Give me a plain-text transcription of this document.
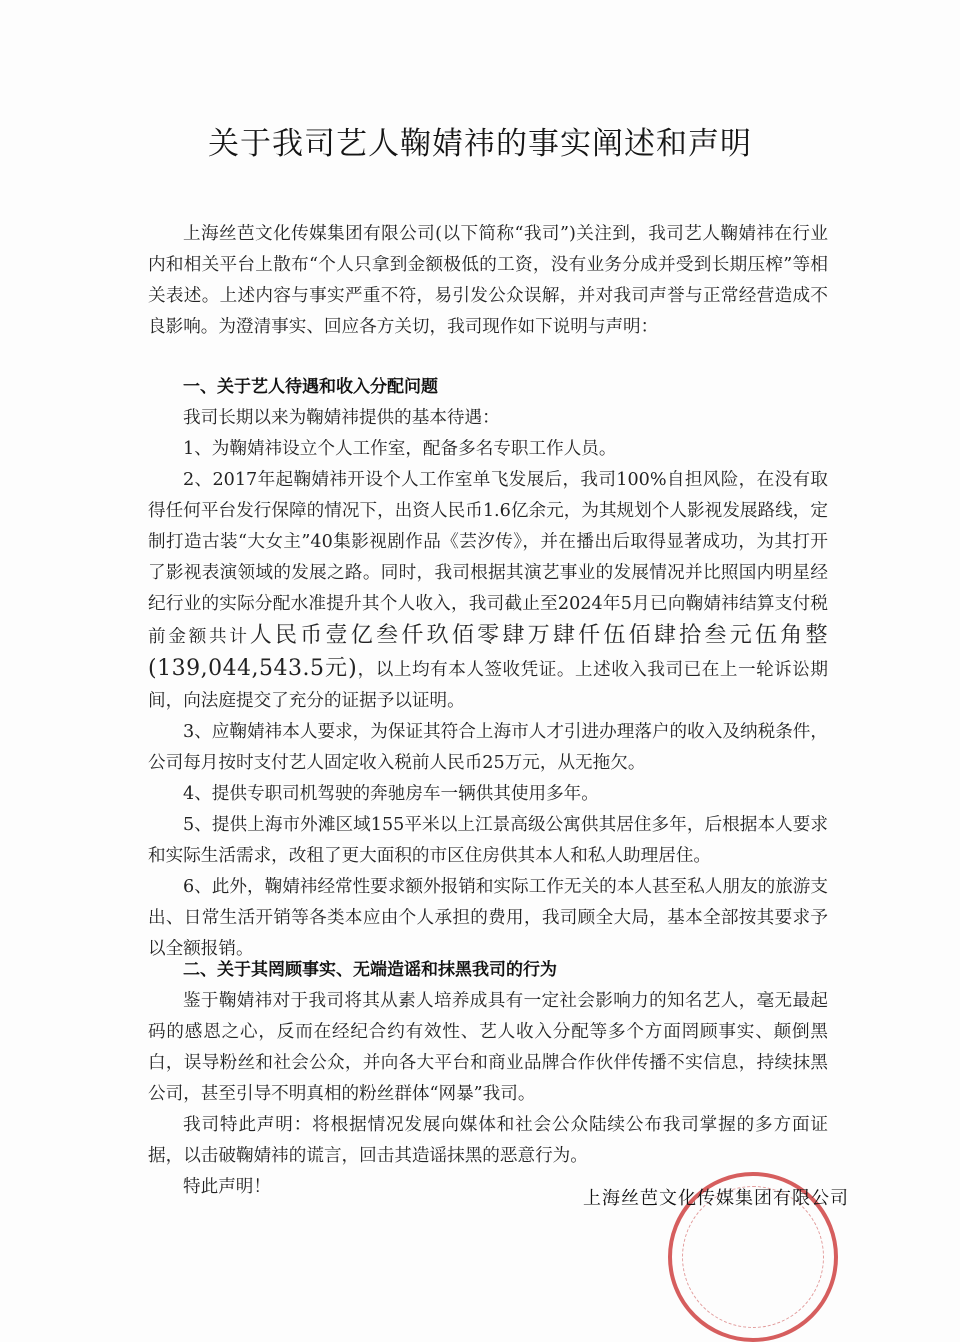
关于我司艺人鞠婧祎的事实阐述和声明

上海丝芭文化传媒集团有限公司(以下简称“我司”)关注到，我司艺人鞠婧祎在行业内和相关平台上散布“个人只拿到金额极低的工资，没有业务分成并受到长期压榨”等相关表述。上述内容与事实严重不符，易引发公众误解，并对我司声誉与正常经营造成不良影响。为澄清事实、回应各方关切，我司现作如下说明与声明：

一、关于艺人待遇和收入分配问题

我司长期以来为鞠婧祎提供的基本待遇：

1、为鞠婧祎设立个人工作室，配备多名专职工作人员。

2、2017年起鞠婧祎开设个人工作室单飞发展后，我司100%自担风险，在没有取得任何平台发行保障的情况下，出资人民币1.6亿余元，为其规划个人影视发展路线，定制打造古装“大女主”40集影视剧作品《芸汐传》，并在播出后取得显著成功，为其打开了影视表演领域的发展之路。同时，我司根据其演艺事业的发展情况并比照国内明星经纪行业的实际分配水准提升其个人收入，我司截止至2024年5月已向鞠婧祎结算支付税前金额共计人民币壹亿叁仟玖佰零肆万肆仟伍佰肆拾叁元伍角整(139,044,543.5元)，以上均有本人签收凭证。上述收入我司已在上一轮诉讼期间，向法庭提交了充分的证据予以证明。

3、应鞠婧祎本人要求，为保证其符合上海市人才引进办理落户的收入及纳税条件，公司每月按时支付艺人固定收入税前人民币25万元，从无拖欠。

4、提供专职司机驾驶的奔驰房车一辆供其使用多年。

5、提供上海市外滩区域155平米以上江景高级公寓供其居住多年，后根据本人要求和实际生活需求，改租了更大面积的市区住房供其本人和私人助理居住。

6、此外，鞠婧祎经常性要求额外报销和实际工作无关的本人甚至私人朋友的旅游支出、日常生活开销等各类本应由个人承担的费用，我司顾全大局，基本全部按其要求予以全额报销。

二、关于其罔顾事实、无端造谣和抹黑我司的行为

鉴于鞠婧祎对于我司将其从素人培养成具有一定社会影响力的知名艺人，毫无最起码的感恩之心，反而在经纪合约有效性、艺人收入分配等多个方面罔顾事实、颠倒黑白，误导粉丝和社会公众，并向各大平台和商业品牌合作伙伴传播不实信息，持续抹黑公司，甚至引导不明真相的粉丝群体“网暴”我司。

我司特此声明：将根据情况发展向媒体和社会公众陆续公布我司掌握的多方面证据，以击破鞠婧祎的谎言，回击其造谣抹黑的恶意行为。

特此声明！

上海丝芭文化传媒集团有限公司
